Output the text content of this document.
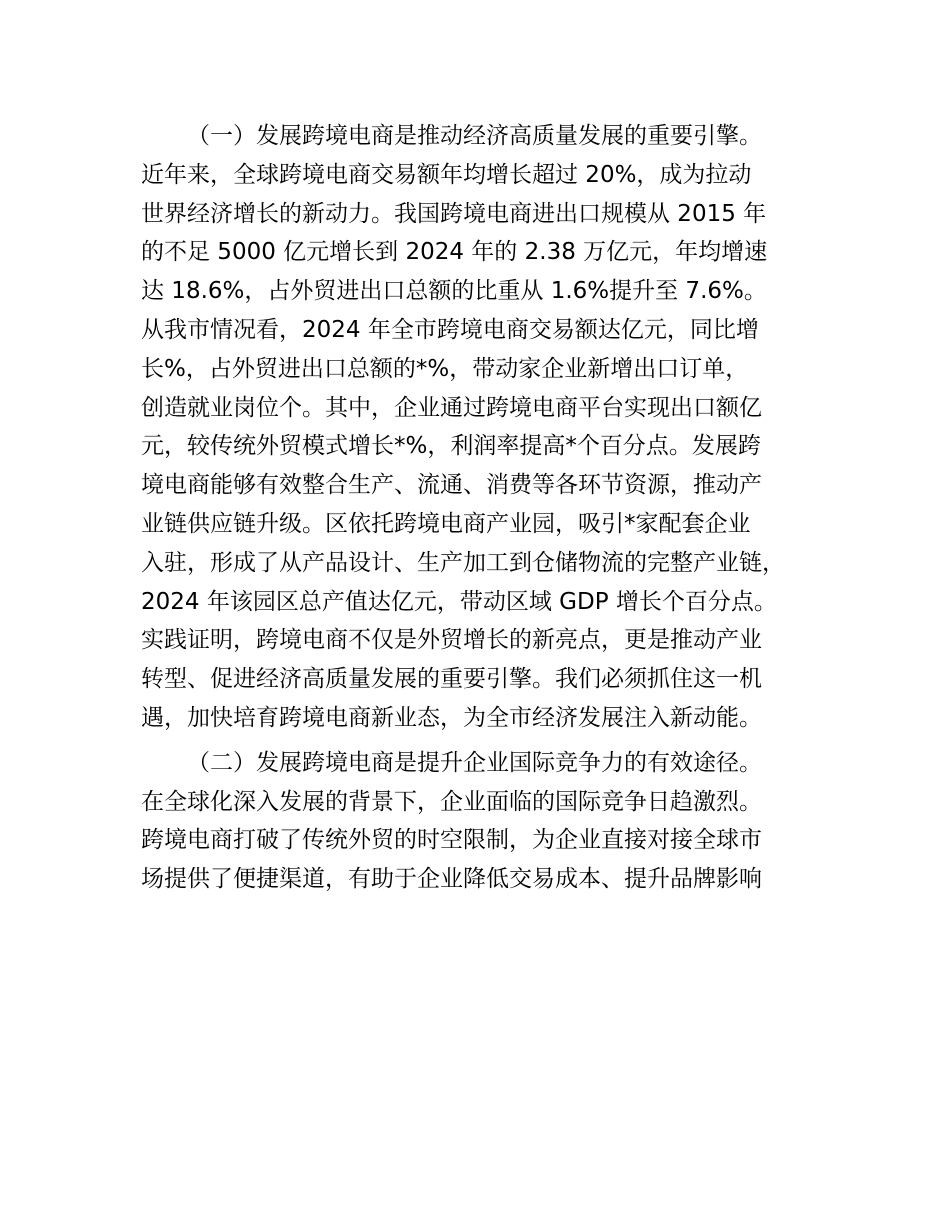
（一）发展跨境电商是推动经济高质量发展的重要引擎。
近年来，全球跨境电商交易额年均增长超过 20%，成为拉动
世界经济增长的新动力。我国跨境电商进出口规模从 2015 年
的不足 5000 亿元增长到 2024 年的 2.38 万亿元，年均增速
达 18.6%，占外贸进出口总额的比重从 1.6%提升至 7.6%。
从我市情况看，2024 年全市跨境电商交易额达亿元，同比增
长%，占外贸进出口总额的*%，带动家企业新增出口订单，
创造就业岗位个。其中，企业通过跨境电商平台实现出口额亿
元，较传统外贸模式增长*%，利润率提高*个百分点。发展跨
境电商能够有效整合生产、流通、消费等各环节资源，推动产
业链供应链升级。区依托跨境电商产业园，吸引*家配套企业
入驻，形成了从产品设计、生产加工到仓储物流的完整产业链，
2024 年该园区总产值达亿元，带动区域 GDP 增长个百分点。
实践证明，跨境电商不仅是外贸增长的新亮点，更是推动产业
转型、促进经济高质量发展的重要引擎。我们必须抓住这一机
遇，加快培育跨境电商新业态，为全市经济发展注入新动能。
（二）发展跨境电商是提升企业国际竞争力的有效途径。
在全球化深入发展的背景下，企业面临的国际竞争日趋激烈。
跨境电商打破了传统外贸的时空限制，为企业直接对接全球市
场提供了便捷渠道，有助于企业降低交易成本、提升品牌影响
